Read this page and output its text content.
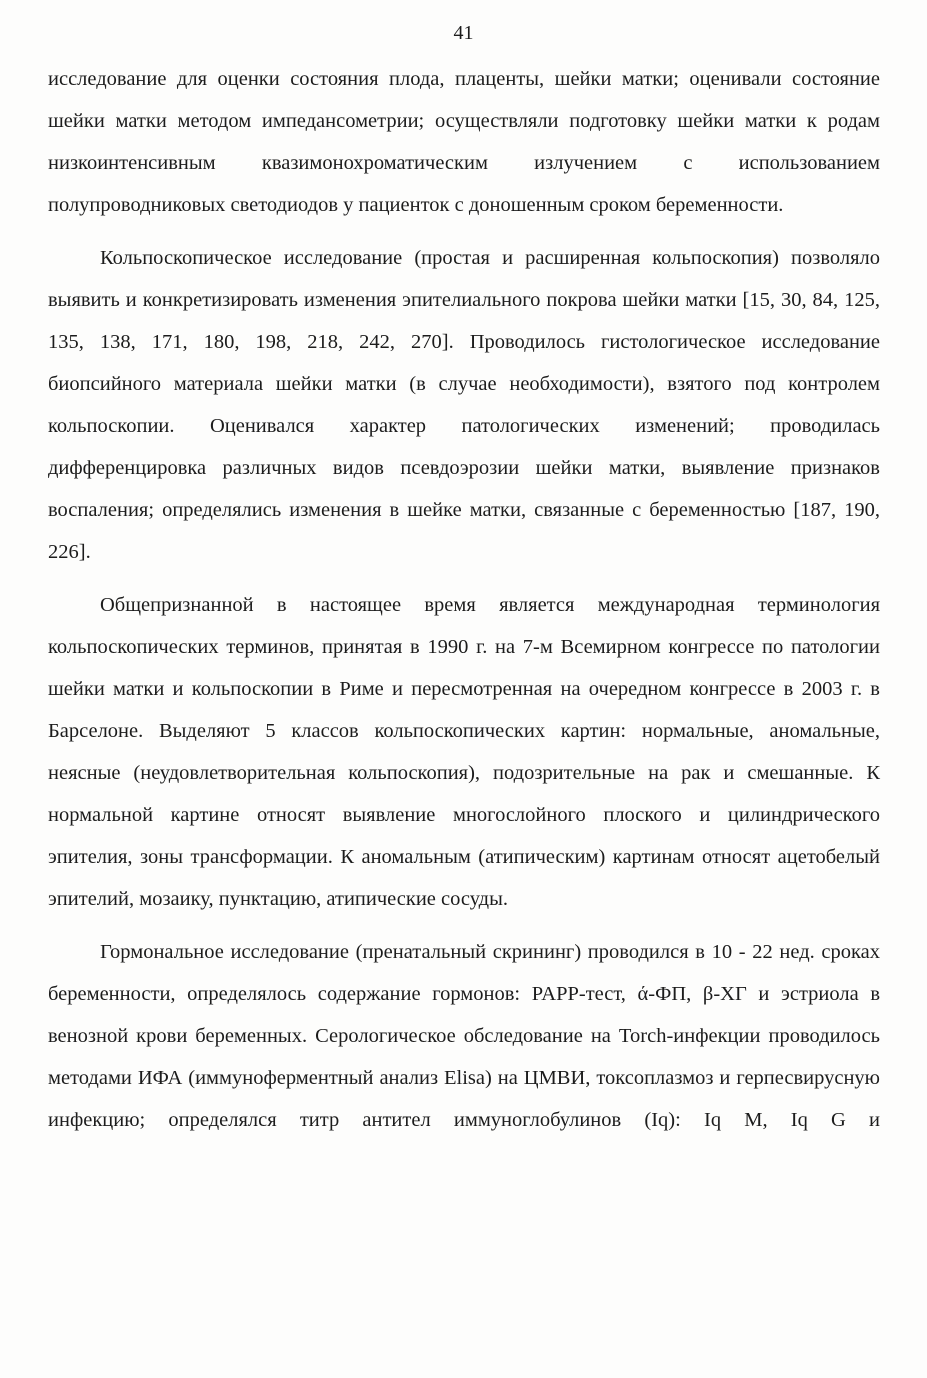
41

исследование для оценки состояния плода, плаценты, шейки матки; оценивали состояние шейки матки методом импедансометрии; осуществляли подготовку шейки матки к родам низкоинтенсивным квазимонохроматическим излучением с использованием полупроводниковых светодиодов у пациенток с доношенным сроком беременности.

Кольпоскопическое исследование (простая и расширенная кольпоскопия) позволяло выявить и конкретизировать изменения эпителиального покрова шейки матки [15, 30, 84, 125, 135, 138, 171, 180, 198, 218, 242, 270]. Проводилось гистологическое исследование биопсийного материала шейки матки (в случае необходимости), взятого под контролем кольпоскопии. Оценивался характер патологических изменений; проводилась дифференцировка различных видов псевдоэрозии шейки матки, выявление признаков воспаления; определялись изменения в шейке матки, связанные с беременностью [187, 190, 226].

Общепризнанной в настоящее время является международная терминология кольпоскопических терминов, принятая в 1990 г. на 7-м Всемирном конгрессе по патологии шейки матки и кольпоскопии в Риме и пересмотренная на очередном конгрессе в 2003 г. в Барселоне. Выделяют 5 классов кольпоскопических картин: нормальные, аномальные, неясные (неудовлетворительная кольпоскопия), подозрительные на рак и смешанные. К нормальной картине относят выявление многослойного плоского и цилиндрического эпителия, зоны трансформации. К аномальным (атипическим) картинам относят ацетобелый эпителий, мозаику, пунктацию, атипические сосуды.

Гормональное исследование (пренатальный скрининг) проводился в 10 - 22 нед. сроках беременности, определялось содержание гормонов: PAPP-тест, ά-ФП, β-ХГ и эстриола в венозной крови беременных. Серологическое обследование на Torch-инфекции проводилось методами ИФА (иммуноферментный анализ Elisa) на ЦМВИ, токсоплазмоз и герпесвирусную инфекцию; определялся титр антител иммуноглобулинов (Iq): Iq M, Iq G и
